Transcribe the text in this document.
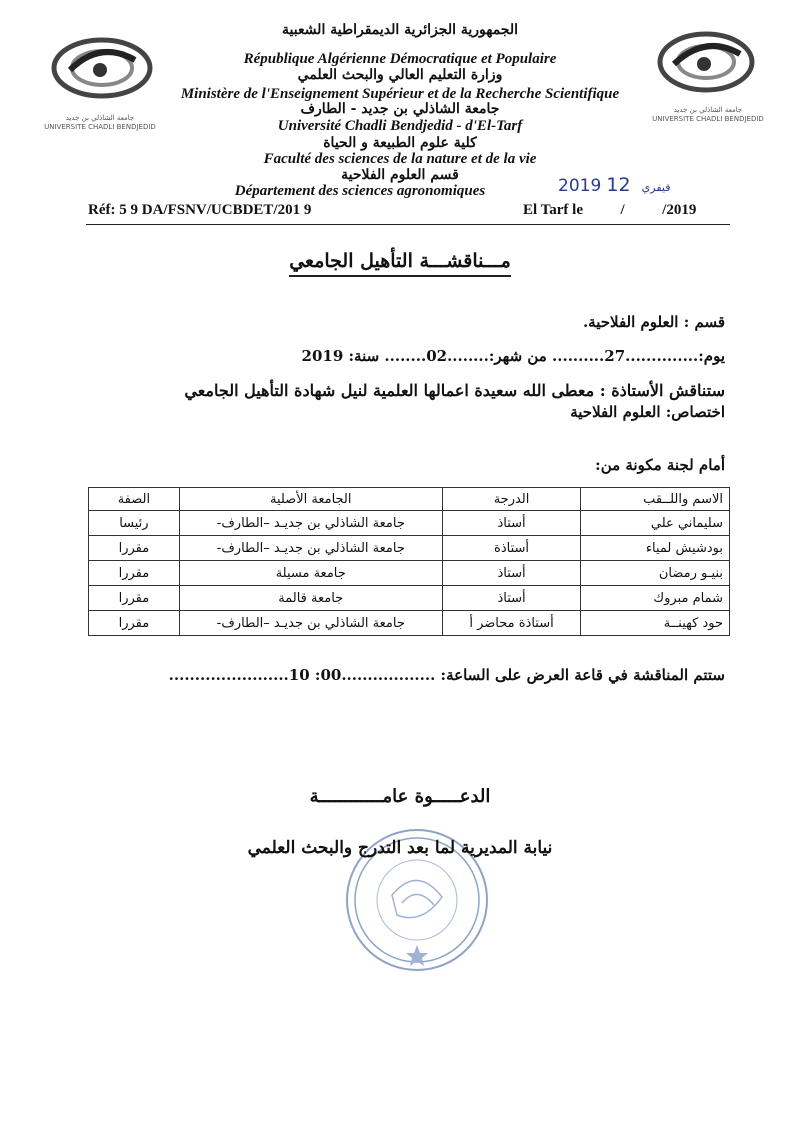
جامعة الشاذلي بن جديد
UNIVERSITE CHADLI BENDJEDID
جامعة الشاذلي بن جديد
UNIVERSITE CHADLI BENDJEDID
الجمهورية الجزائرية الديمقراطية الشعبية
République Algérienne Démocratique et Populaire
وزارة التعليم العالي والبحث العلمي
Ministère de l'Enseignement Supérieur et de la Recherche Scientifique
جامعة الشاذلي بن جديد - الطارف
Université Chadli Bendjedid - d'El-Tarf
كلية علوم الطبيعة و الحياة
Faculté des sciences de la nature et de la vie
قسم العلوم الفلاحية
Département des sciences agronomiques	2019	فيفري 12
Réf: 5 9 DA/FSNV/UCBDET/201 9	El Tarf le          /          /2019
مـــناقشـــة التأهيل الجامعي
قسم : العلوم الفلاحية.
يوم:..............27.......... من شهر:........02........ سنة: 2019
ستناقش الأستاذة : معطى الله سعيدة اعمالها العلمية لنيل شهادة التأهيل الجامعي
اختصاص: العلوم الفلاحية
أمام لجنة مكونة من:
الاسم واللــقب	الدرجة	الجامعة الأصلية	الصفة
سليماني علي	أستاذ	جامعة الشاذلي بن جديـد –الطارف-	رئيسا
بودشيش لمياء	أستاذة	جامعة الشاذلي بن جديـد –الطارف-	مقررا
بنيـو رمضان	أستاذ	جامعة مسيلة	مقررا
شمام مبروك	أستاذ	جامعة قالمة	مقررا
حود كهينــة	أستاذة محاضر أ	جامعة الشاذلي بن جديـد –الطارف-	مقررا
ستتم المناقشة في قاعة العرض على الساعة: ..................00: 10.......................
الدعـــــوة عامــــــــــــة
نيابة المديرية لما بعد التدرج والبحث العلمي
